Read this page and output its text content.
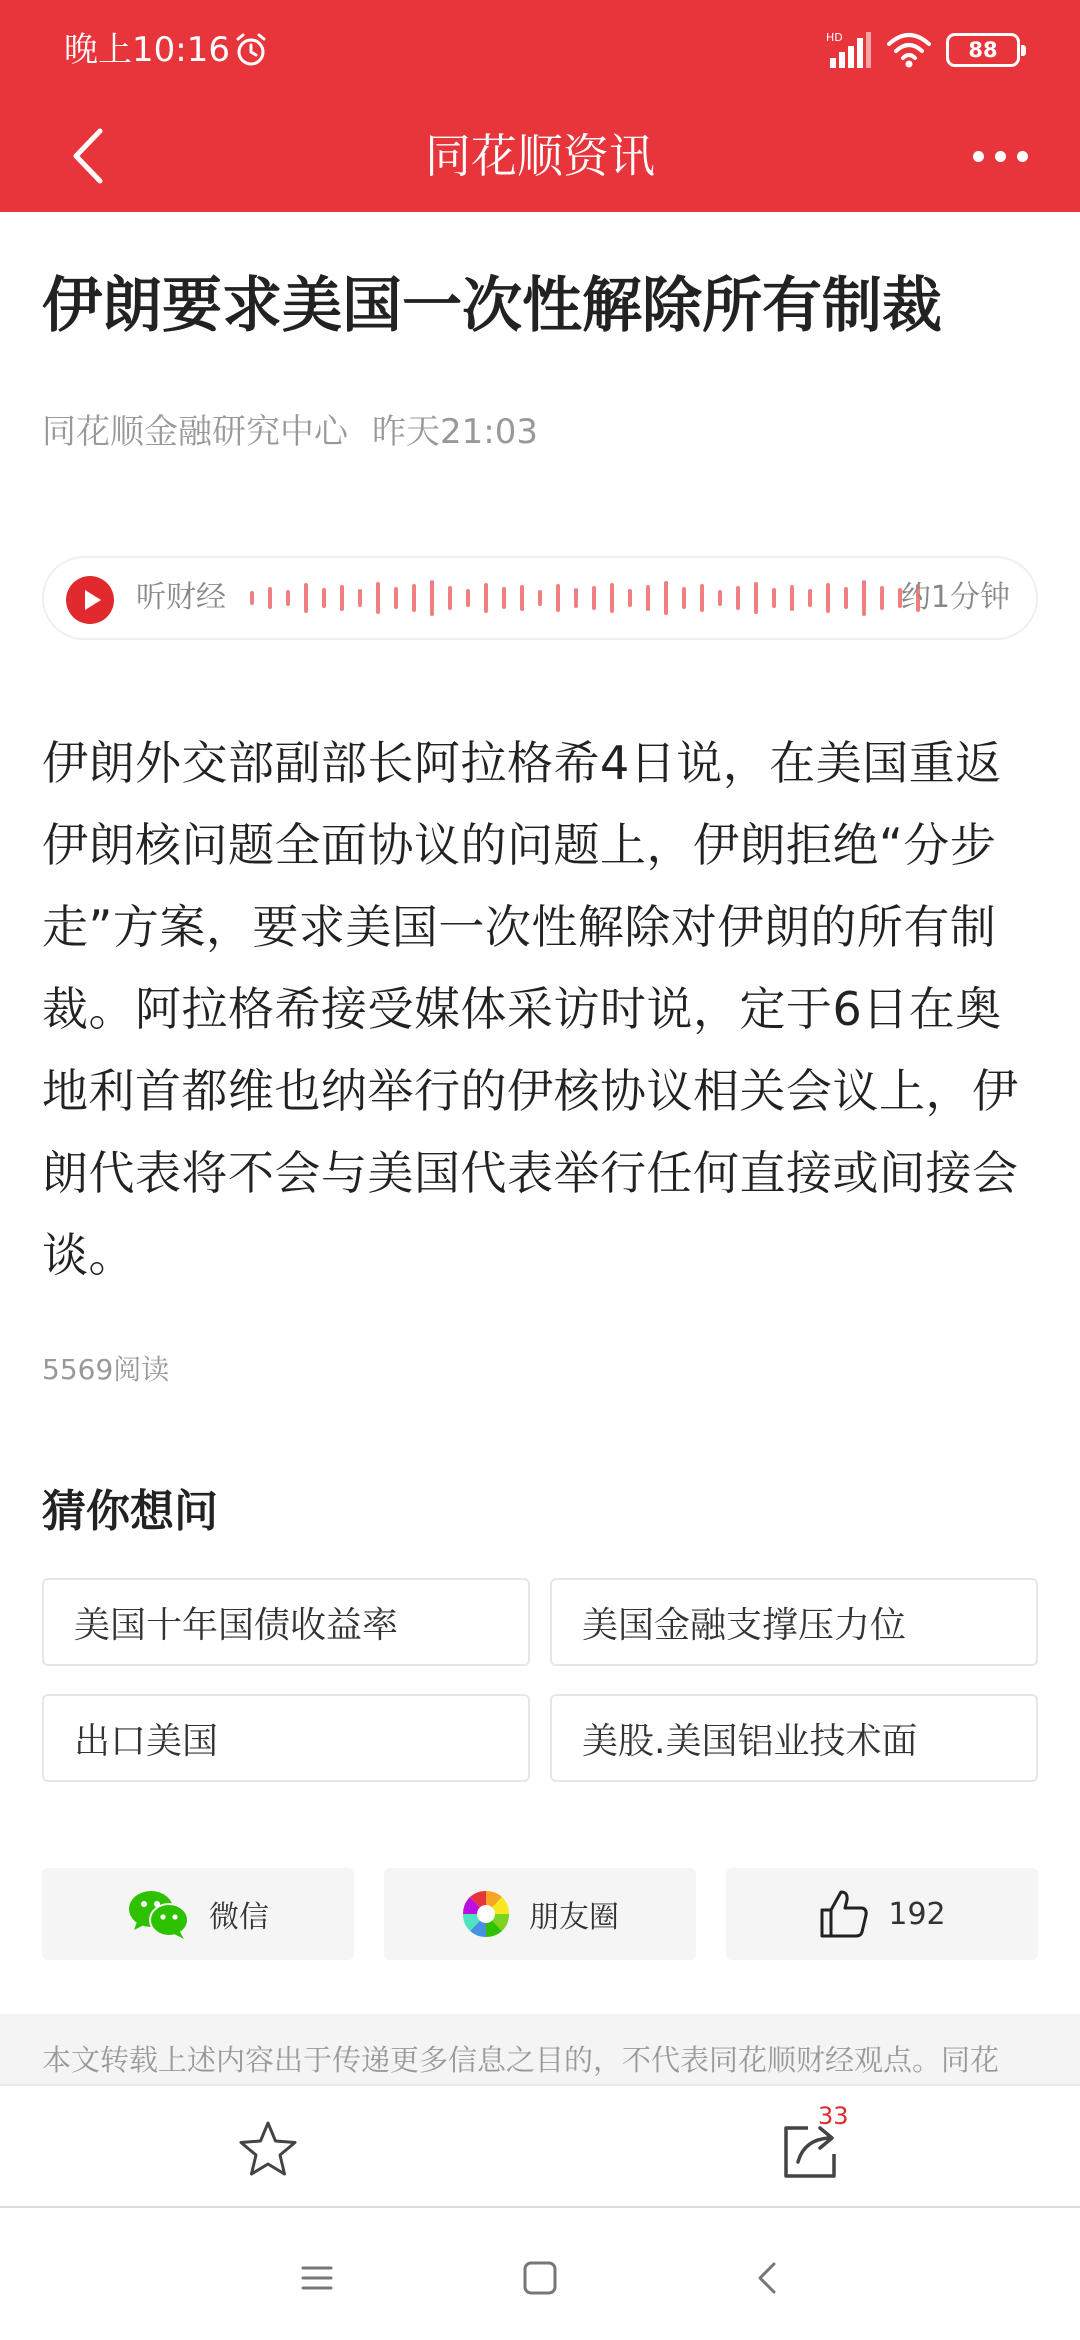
晚上10:16	HD
88
同花顺资讯
伊朗要求美国一次性解除所有制裁
同花顺金融研究中心 昨天21:03
听财经	约1分钟
伊朗外交部副部长阿拉格希4日说，在美国重返伊朗核问题全面协议的问题上，伊朗拒绝“分步走”方案，要求美国一次性解除对伊朗的所有制裁。阿拉格希接受媒体采访时说，定于6日在奥地利首都维也纳举行的伊核协议相关会议上，伊朗代表将不会与美国代表举行任何直接或间接会谈。
5569阅读
猜你想问
美国十年国债收益率	美国金融支撑压力位
出口美国	美股.美国铝业技术面
微信	朋友圈	192
本文转载上述内容出于传递更多信息之目的，不代表同花顺财经观点。同花
33
